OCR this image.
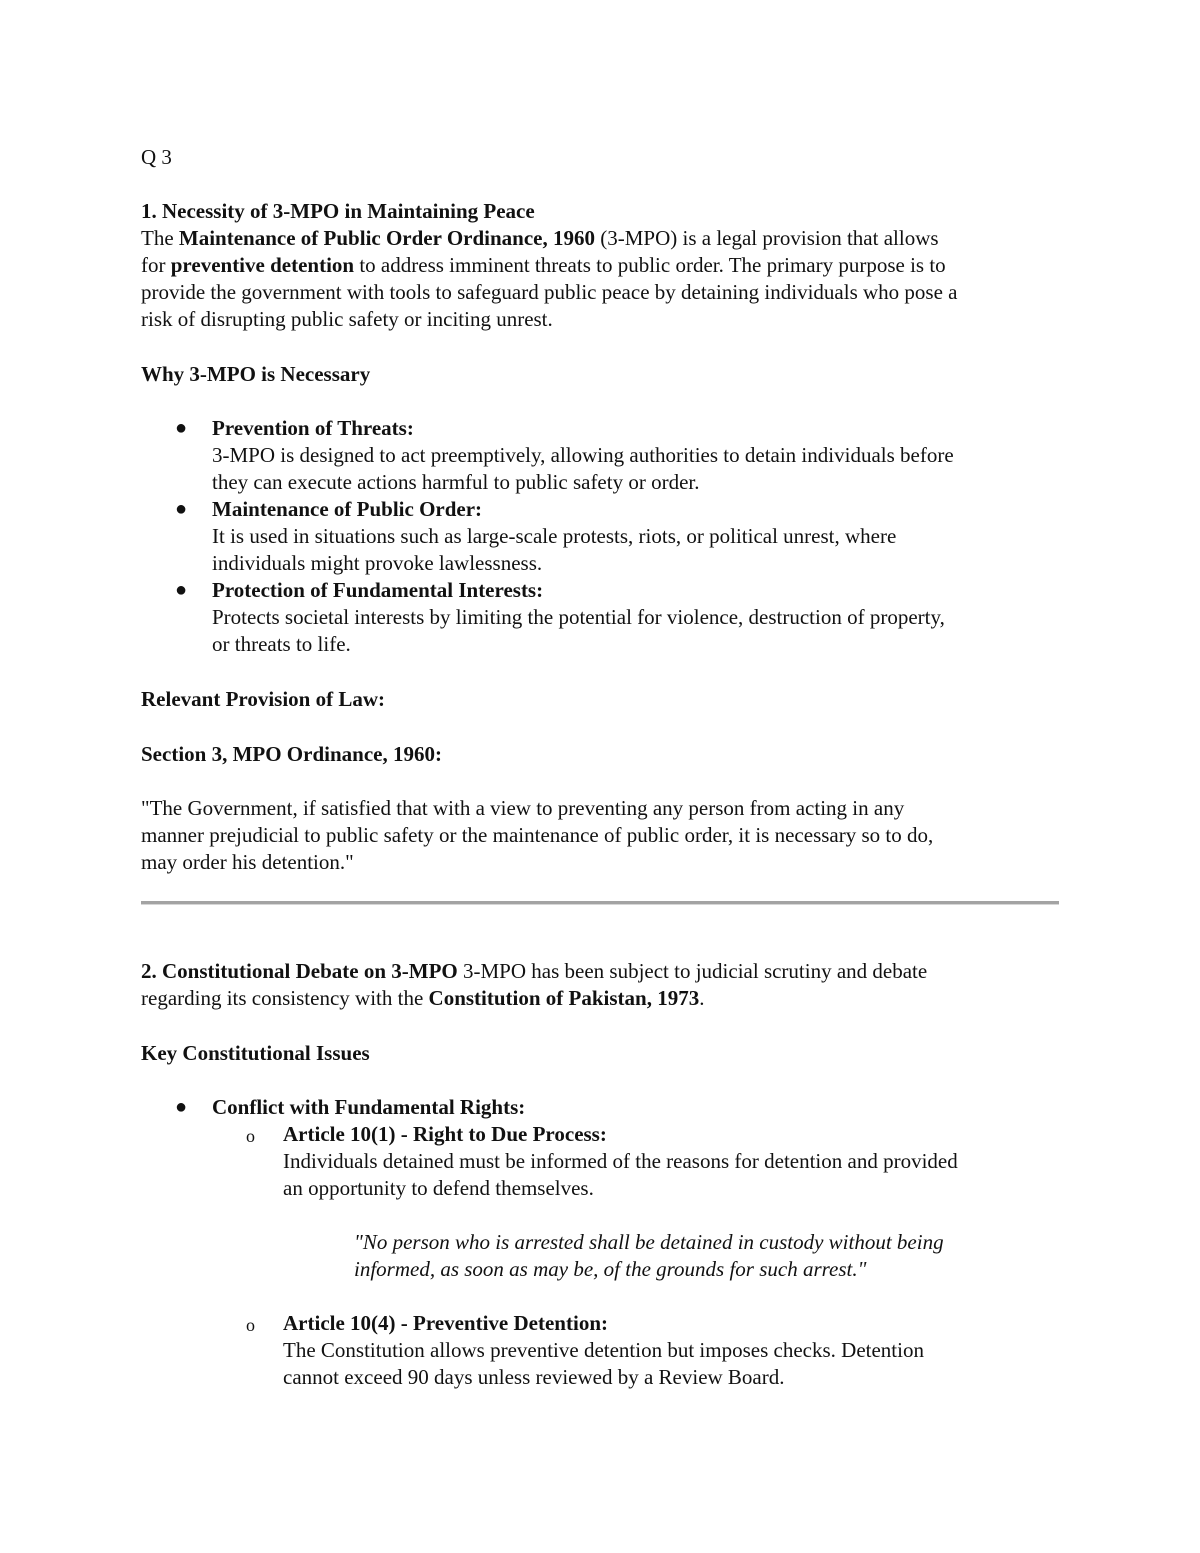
Q 3

1. Necessity of 3-MPO in Maintaining Peace
The Maintenance of Public Order Ordinance, 1960 (3-MPO) is a legal provision that allows
for preventive detention to address imminent threats to public order. The primary purpose is to
provide the government with tools to safeguard public peace by detaining individuals who pose a
risk of disrupting public safety or inciting unrest.

Why 3-MPO is Necessary

● Prevention of Threats:
3-MPO is designed to act preemptively, allowing authorities to detain individuals before
they can execute actions harmful to public safety or order.
● Maintenance of Public Order:
It is used in situations such as large-scale protests, riots, or political unrest, where
individuals might provoke lawlessness.
● Protection of Fundamental Interests:
Protects societal interests by limiting the potential for violence, destruction of property,
or threats to life.

Relevant Provision of Law:

Section 3, MPO Ordinance, 1960:

"The Government, if satisfied that with a view to preventing any person from acting in any
manner prejudicial to public safety or the maintenance of public order, it is necessary so to do,
may order his detention."
2. Constitutional Debate on 3-MPO 3-MPO has been subject to judicial scrutiny and debate
regarding its consistency with the Constitution of Pakistan, 1973.

Key Constitutional Issues

● Conflict with Fundamental Rights:
o Article 10(1) - Right to Due Process:
Individuals detained must be informed of the reasons for detention and provided
an opportunity to defend themselves.
"No person who is arrested shall be detained in custody without being
informed, as soon as may be, of the grounds for such arrest."
o Article 10(4) - Preventive Detention:
The Constitution allows preventive detention but imposes checks. Detention
cannot exceed 90 days unless reviewed by a Review Board.
